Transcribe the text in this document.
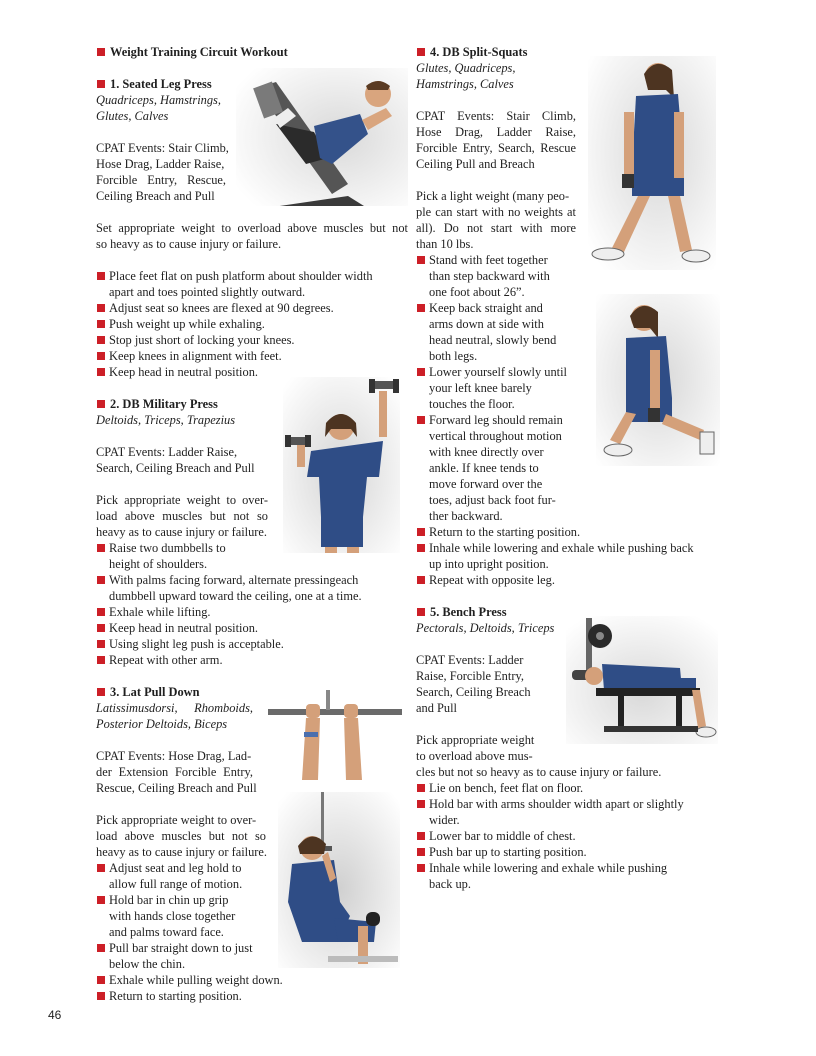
Weight Training Circuit Workout
1. Seated Leg Press
Quadriceps, Hamstrings,
Glutes, Calves
CPAT Events: Stair Climb,
Hose Drag, Ladder Raise,
Forcible Entry, Rescue,
Ceiling Breach and Pull
Set appropriate weight to overload above muscles but not
so heavy as to cause injury or failure.
Place feet flat on push platform about shoulder width
apart and toes pointed slightly outward.
Adjust seat so knees are flexed at 90 degrees.
Push weight up while exhaling.
Stop just short of locking your knees.
Keep knees in alignment with feet.
Keep head in neutral position.
2. DB Military Press
Deltoids, Triceps, Trapezius
CPAT Events: Ladder Raise,
Search, Ceiling Breach and Pull
Pick appropriate weight to over-
load above muscles but not so
heavy as to cause injury or failure.
Raise two dumbbells to
height of shoulders.
With palms facing forward, alternate pressingeach
dumbbell upward toward the ceiling, one at a time.
Exhale while lifting.
Keep head in neutral position.
Using slight leg push is acceptable.
Repeat with other arm.
3. Lat Pull Down
Latissimusdorsi, Rhomboids,
Posterior Deltoids, Biceps
CPAT Events: Hose Drag, Lad-
der Extension Forcible Entry,
Rescue, Ceiling Breach and Pull
Pick appropriate weight to over-
load above muscles but not so
heavy as to cause injury or failure.
Adjust seat and leg hold to
allow full range of motion.
Hold bar in chin up grip
with hands close together
and palms toward face.
Pull bar straight down to just
below the chin.
Exhale while pulling weight down.
Return to starting position.
4. DB Split-Squats
Glutes, Quadriceps,
Hamstrings, Calves
CPAT Events: Stair Climb,
Hose Drag, Ladder Raise,
Forcible Entry, Search, Rescue
Ceiling Pull and Breach
Pick a light weight (many peo-
ple can start with no weights at
all). Do not start with more
than 10 lbs.
Stand with feet together
than step backward with
one foot about 26”.
Keep back straight and
arms down at side with
head neutral, slowly bend
both legs.
Lower yourself slowly until
your left knee barely
touches the floor.
Forward leg should remain
vertical throughout motion
with knee directly over
ankle. If knee tends to
move forward over the
toes, adjust back foot fur-
ther backward.
Return to the starting position.
Inhale while lowering and exhale while pushing back
up into upright position.
Repeat with opposite leg.
5. Bench Press
Pectorals, Deltoids, Triceps
CPAT Events: Ladder
Raise, Forcible Entry,
Search, Ceiling Breach
and Pull
Pick appropriate weight
to overload above mus-
cles but not so heavy as to cause injury or failure.
Lie on bench, feet flat on floor.
Hold bar with arms shoulder width apart or slightly
wider.
Lower bar to middle of chest.
Push bar up to starting position.
Inhale while lowering and exhale while pushing
back up.
46
